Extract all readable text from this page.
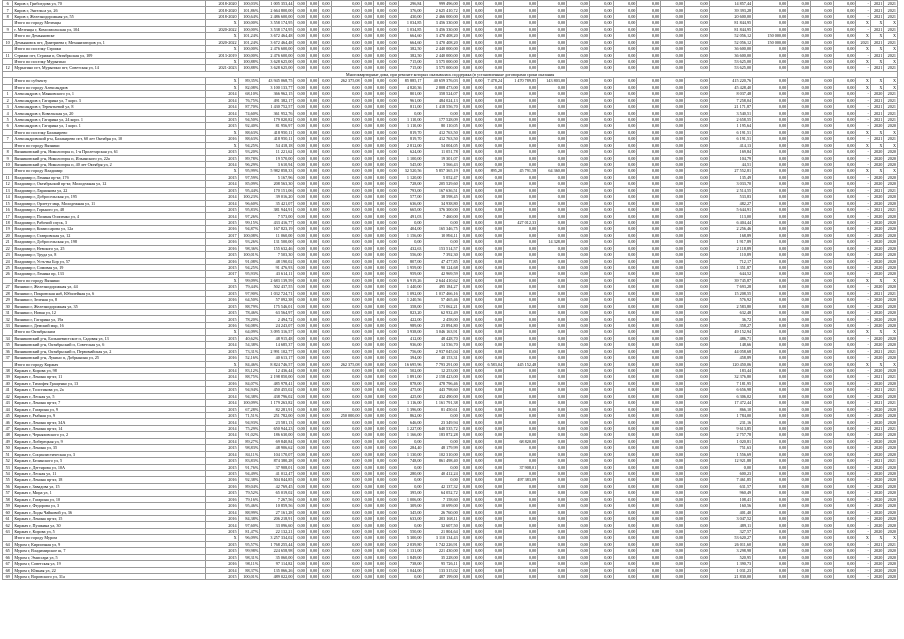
6	Киров г, Грибоедова ул, 70	2018-2020	100,03%	1 005 353,44	0,00	0,00	0,00	0,00	0,00	0,00	0,00	296,84	999 496,00	0,00	0,00	0,00	0,00	0,00	0,00	0,00	0,00	0,00	0,00	0,00	14 857,44	0,00	0,00	0,00	0,00	-	2021	2021
7	Киров г, Энгельса ул, 26	2018-2020	101,86%	2 664 800,00	0,00	0,00	0,00	0,00	0,00	0,00	0,00	376,00	2 625 410,72	0,00	0,00	0,00	0,00	0,00	0,00	0,00	0,00	0,00	0,00	0,00	39 393,28	0,00	0,00	0,00	0,00	-	2021	2021
8	Киров г, Железнодорожная ул, 55	2018-2020	100,64%	2 486 600,00	0,00	0,00	0,00	0,00	0,00	0,00	0,00	430,00	2 466 000,00	0,00	0,00	0,00	0,00	0,00	0,00	0,00	0,00	0,00	0,00	0,00	20 600,00	0,00	0,00	0,00	0,00	-	2021	2021
	Итого по городу Мезенцы	X	100,00%	3 558 174,95	0,00	0,00	0,00	0,00	0,00	0,00	0,00	1 034,85	3 456 330,00	0,00	0,00	0,00	0,00	0,00	0,00	0,00	0,00	0,00	0,00	0,00	81 844,95	0,00	0,00	0,00	0,00	X	X	X
9	г. Мезенцы г, Комсомольская ул, 104	2020-2022	100,00%	3 538 174,95	0,00	0,00	0,00	0,00	0,00	0,00	0,00	1 034,85	3 456 330,00	0,00	0,00	0,00	0,00	0,00	0,00	0,00	0,00	0,00	0,00	0,00	81 844,95	0,00	0,00	0,00	0,00	-	2021	2021
	Итого по Демьяновске	X	101,24%	3 672 464,48	0,00	0,00	0,00	0,00	0,00	0,00	0,00	664,60	3 470 408,20	0,00	0,00	0,00	0,00	0,00	0,00	0,00	0,00	0,00	0,00	0,00	52 056,12	150 000,00	0,00	0,00	0,00	X	X	X
10	Демьяновск пгт, Дмитриева г, Механизаторов ул, 1	2020-2022	101,24%	3 672 464,48	0,00	0,00	0,00	0,00	0,00	0,00	0,00	664,60	3 470 408,20	0,00	0,00	0,00	0,00	0,00	0,00	0,00	0,00	0,00	0,00	0,00	52 056,12	150 000,00	0,00	0,00	0,00	2021	2021	2021
	Итого по поселку Стрижи	X	100,00%	2 476 600,00	0,00	0,00	0,00	0,00	0,00	0,00	0,00	382,50	2 440 000,00	0,00	0,00	0,00	0,00	0,00	0,00	0,00	0,00	0,00	0,00	0,00	36 600,00	0,00	0,00	0,00	0,00	X	X	X
11	Стрижи пгт, Стрижи п, Октябрьская ул, 109	2013-2019	100,00%	2 476 600,00	0,00	0,00	0,00	0,00	0,00	0,00	0,00	382,50	2 440 000,00	0,00	0,00	0,00	0,00	0,00	0,00	0,00	0,00	0,00	0,00	0,00	36 600,00	0,00	0,00	0,00	0,00	-	2021	2021
	Итого по поселку Мурыгино	X	100,88%	3 628 625,00	0,00	0,00	0,00	0,00	0,00	0,00	0,00	715,00	3 575 000,00	0,00	0,00	0,00	0,00	0,00	0,00	0,00	0,00	0,00	0,00	0,00	53 625,00	0,00	0,00	0,00	0,00	X	X	X
12	Мурыгино пгт, Мурыгино пгт, Советская ул, 14	2021-2023	100,88%	3 628 625,00	0,00	0,00	0,00	0,00	0,00	0,00	0,00	715,00	3 575 000,00	0,00	0,00	0,00	0,00	0,00	0,00	0,00	0,00	0,00	0,00	0,00	53 625,00	0,00	0,00	0,00	0,00	-	2021	2021
Многоквартирные дома, при ремонте которых оказывалась поддержка (в установленные договорами сроки оказания																																
	Итого по субъекту	X	89,35%	43 945 068,75	0,00	0,00	0,00	262 375,08	0,00	0,00	0,00	85 885,17	40 659 376,03	0,00	0,00	7 478,24	1 470 789,85	143 803,00	0,00	0,00	0,00	0,00	0,00	0,00	415 220,76	0,00	0,00	0,00	0,00	X	X	X
	Итого по городу Александров	X	82,08%	3 100 133,77	0,00	0,00	0,00	0,00	0,00	0,00	0,00	4 820,36	2 808 473,00	0,00	0,00	0,00	0,00	0,00	0,00	0,00	0,00	0,00	0,00	0,00	45 428,40	0,00	0,00	0,00	0,00	X	X	X
1	Александров г, Маяковского ул, 1	2014	68,10%	366 962,15	0,00	0,00	0,00	0,00	0,00	0,00	0,00	801,00	358 524,07	0,00	0,00	0,00	0,00	0,00	0,00	0,00	0,00	0,00	0,00	0,00	8 037,48	0,00	0,00	0,00	0,00	-	2020	2021
2	Александров г, Гагарина ул, 7 корп. 3	2014	76,75%	491 382,17	0,00	0,00	0,00	0,00	0,00	0,00	0,00	961,00	484 024,13	0,00	0,00	0,00	0,00	0,00	0,00	0,00	0,00	0,00	0,00	0,00	7 258,04	0,00	0,00	0,00	0,00	-	2021	2021
3	Александров г, Терентьевой ул, 8	2014	87,70%	1 430 752,57	0,00	0,00	0,00	0,00	0,00	0,00	0,00	811,00	1 418 556,70	0,00	0,00	0,00	0,00	0,00	0,00	0,00	0,00	0,00	0,00	0,00	21 171,87	0,00	0,00	0,00	0,00	-	2021	2021
4	Александров г, Ковельская ул, 20	2014	74,60%	361 952,76	0,00	0,00	0,00	0,00	0,00	0,00	0,00	0,00	0,00	0,00	0,00	0,00	0,00	0,00	0,00	0,00	0,00	0,00	0,00	0,00	3 540,51	0,00	0,00	0,00	0,00	-	2021	2021
5	Александров г, Гагарина ул, 24 корп. 1	2015	94,50%	179 020,82	0,00	0,00	0,00	0,00	0,00	0,00	0,00	1 110,00	177 528,09	0,00	0,00	0,00	0,00	0,00	0,00	0,00	0,00	0,00	0,00	0,00	2 658,55	0,00	0,00	0,00	0,00	-	2021	2021
6	Александров г, Гагарина ул, 1 корп. 1	2015	92,40%	81 956,97	0,00	0,00	0,00	0,00	0,00	0,00	0,00	1 110,00	80 110,05	0,00	0,00	0,00	0,00	0,00	0,00	0,00	0,00	0,00	0,00	0,00	1 195,64	0,00	0,00	0,00	0,00	-	2020	2020
	Итого по поселку Балакирево	X	88,63%	418 950,11	0,00	0,00	0,00	0,00	0,00	0,00	0,00	819,70	412 763,50	0,00	0,00	0,00	0,00	0,00	0,00	0,00	0,00	0,00	0,00	0,00	6 191,51	0,00	0,00	0,00	0,00	X	X	X
7	Александровский р-н, Балакирево пгт, 60 лет Октября ул, 10	2016	88,63%	418 950,11	0,00	0,00	0,00	0,00	0,00	0,00	0,00	819,70	412 763,50	0,00	0,00	0,00	0,00	0,00	0,00	0,00	0,00	0,00	0,00	0,00	6 191,51	0,00	0,00	0,00	0,00	-	2021	2021
	Итого по городу Вязники	X	94,25%	54 418,18	0,00	0,00	0,00	0,00	0,00	0,00	0,00	2 812,00	54 004,05	0,00	0,00	0,00	0,00	0,00	0,00	0,00	0,00	0,00	0,00	0,00	414,13	0,00	0,00	0,00	0,00	X	X	X
8	Вязниковский р-н, Никологоры п, 1-я Пролетарская ул, 61	2015	93,20%	11 221,62	0,00	0,00	0,00	0,00	0,00	0,00	0,00	624,00	11 051,78	0,00	0,00	0,00	0,00	0,00	0,00	0,00	0,00	0,00	0,00	0,00	169,84	0,00	0,00	0,00	0,00	-	2020	2020
9	Вязниковский р-н, Никологоры п, Ильинского ул, 22а	2015	89,78%	19 570,00	0,00	0,00	0,00	0,00	0,00	0,00	0,00	1 100,00	19 301,07	0,00	0,00	0,00	0,00	0,00	0,00	0,00	0,00	0,00	0,00	0,00	104,79	0,00	0,00	0,00	0,00	-	2020	2020
10	Вязниковский р-н, Никологоры п, 40 лет Октября ул, 2	2014	96,29%	3 610,94	0,00	0,00	0,00	0,00	0,00	0,00	0,00	545,00	3 566,43	0,00	0,00	0,00	0,00	0,00	0,00	0,00	0,00	0,00	0,00	0,00	44,51	0,00	0,00	0,00	0,00	-	2020	2020
	Итого по городу Владимир	X	95,99%	5 982 858,33	0,00	0,00	0,00	0,00	0,00	0,00	0,00	32 520,56	5 857 365,19	0,00	0,00	895,20	45 791,58	64 360,00	0,00	0,00	0,00	0,00	0,00	0,00	27 552,81	0,00	0,00	0,00	0,00	X	X	X
11	Владимир г, Ленина пр-кт, 17б	2015	97,59%	5 167,96	0,00	0,00	0,00	0,00	0,00	0,00	0,00	1 120,00	5 052,47	0,00	0,00	0,00	0,00	0,00	0,00	0,00	0,00	0,00	0,00	0,00	135,49	0,00	0,00	0,00	0,00	-	2020	2020
12	Владимир г, Октябрьский пр-кт, Молодежная ул, 12	2014	85,09%	208 563,30	0,00	0,00	0,00	0,00	0,00	0,00	0,00	728,00	205 529,60	0,00	0,00	0,00	0,00	0,00	0,00	0,00	0,00	0,00	0,00	0,00	3 033,70	0,00	0,00	0,00	0,00	-	2020	2020
13	Владимир г, Ларионова ул, 22	2015	95,44%	170 151,06	0,00	0,00	0,00	0,00	0,00	0,00	0,00	793,00	167 636,51	0,00	0,00	0,00	0,00	0,00	0,00	0,00	0,00	0,00	0,00	0,00	2 514,55	0,00	0,00	0,00	0,00	-	2021	2021
14	Владимир г, Добросельская ул, 195	2014	100,23%	39 016,20	0,00	0,00	0,00	0,00	0,00	0,00	0,00	577,00	38 598,45	0,00	0,00	0,00	0,00	0,00	0,00	0,00	0,00	0,00	0,00	0,00	533,83	0,00	0,00	0,00	0,00	-	2020	2020
15	Владимир г, Орлетуг мкр, Молодежная ул, 11	2014	96,60%	35 421,07	0,00	0,00	0,00	0,00	0,00	0,00	0,00	636,00	34 938,80	0,00	0,00	0,00	0,00	0,00	0,00	0,00	0,00	0,00	0,00	0,00	482,27	0,00	0,00	0,00	0,00	-	2020	2020
16	Владимир г, Горького ул, 48	2015	95,83%	381 944,91	0,00	0,00	0,00	0,00	0,00	0,00	0,00	665,00	376 300,00	0,00	0,00	0,00	0,00	0,00	0,00	0,00	0,00	0,00	0,00	0,00	5 644,91	0,00	0,00	0,00	0,00	-	2021	2021
17	Владимир г, Полины Осипенко ул, 4	2014	97,26%	7 573,00	0,00	0,00	0,00	0,00	0,00	0,00	0,00	491,03	7 460,00	0,00	0,00	0,00	0,00	0,00	0,00	0,00	0,00	0,00	0,00	0,00	113,00	0,00	0,00	0,00	0,00	-	2020	2020
18	Владимир г, Рабочий спуск, 3	2015	99,15%	433 416,77	0,00	0,00	0,00	0,00	0,00	0,00	0,00	0,00	0,00	0,00	0,00	0,00	427 012,33	0,00	0,00	0,00	0,00	0,00	0,00	0,00	6 404,44	0,00	0,00	0,00	0,00	-	2020	2020
19	Владимир г, Комиссарова ул, 12а	2016	94,87%	167 823,19	0,00	0,00	0,00	0,00	0,00	0,00	0,00	404,00	165 346,75	0,00	0,00	0,00	0,00	0,00	0,00	0,00	0,00	0,00	0,00	0,00	2 256,46	0,00	0,00	0,00	0,00	-	2020	2020
20	Владимир г, Ставровская ул, 12	2017	100,08%	11 060,00	0,00	0,00	0,00	0,00	0,00	0,00	0,00	1 156,00	10 894,11	0,00	0,00	0,00	0,00	0,00	0,00	0,00	0,00	0,00	0,00	0,00	168,89	0,00	0,00	0,00	0,00	-	2020	2020
21	Владимир г, Добросельская ул, 198	2016	93,26%	131 500,00	0,00	0,00	0,00	0,00	0,00	0,00	0,00	0,00	0,00	0,00	0,00	0,00	0,00	14 328,00	0,00	0,00	0,00	0,00	0,00	0,00	1 917,89	0,00	0,00	0,00	0,00	-	2020	2020
22	Владимир г, Невского ул, 25	2016	98,36%	155 632,46	0,00	0,00	0,00	0,00	0,00	0,00	0,00	432,63	153 514,57	0,00	0,00	0,00	0,00	0,00	0,00	0,00	0,00	0,00	0,00	0,00	2 118,89	0,00	0,00	0,00	0,00	-	2020	2020
23	Владимир г, Труда ул, 8	2015	100,01%	7 503,30	0,00	0,00	0,00	0,00	0,00	0,00	0,00	556,00	7 392,30	0,00	0,00	0,00	0,00	0,00	0,00	0,00	0,00	0,00	0,00	0,00	110,89	0,00	0,00	0,00	0,00	-	2020	2020
24	Владимир г, Усть-вы Бор ул, 57	2016	91,08%	48 190,02	0,00	0,00	0,00	0,00	0,00	0,00	0,00	807,00	47 477,85	0,00	0,00	0,00	0,00	0,00	0,00	0,00	0,00	0,00	0,00	0,00	712,17	0,00	0,00	0,00	0,00	-	2020	2020
25	Владимир г, Сомовая ул, 19	2015	94,25%	91 476,93	0,00	0,00	0,00	0,00	0,00	0,00	0,00	1 959,00	90 124,68	0,00	0,00	0,00	0,00	0,00	0,00	0,00	0,00	0,00	0,00	0,00	1 351,87	0,00	0,00	0,00	0,00	-	2020	2020
26	Владимир г, Ленина пр, 133	2017	95,93%	43 614,11	0,00	0,00	0,00	0,00	0,00	0,00	0,00	959,00	42 969,59	0,00	0,00	0,00	0,00	0,00	0,00	0,00	0,00	0,00	0,00	0,00	644,52	0,00	0,00	0,00	0,00	-	2020	2020
	Итого по городу Вязники	X	99,09%	2 683 139,59	0,00	0,00	0,00	0,00	0,00	0,00	0,00	6 919,26	2 644 410,62	0,00	0,00	0,00	0,00	0,00	0,00	0,00	0,00	0,00	0,00	0,00	39 745,87	0,00	0,00	0,00	0,00	X	X	X
27	Вязники г, Железнодорожная ул, 44	2015	79,44%	502 437,55	0,00	0,00	0,00	0,00	0,00	0,00	0,00	1 440,00	495 184,27	0,00	0,00	0,00	0,00	0,00	0,00	0,00	0,00	0,00	0,00	0,00	7 693,28	0,00	0,00	0,00	0,00	-	2020	2020
28	Вязники г, Покровская наб, Юбилейная ул, 6	2015	97,90%	1 032 724,71	0,00	0,00	0,00	0,00	0,00	0,00	0,00	1 092,00	1 017 466,16	0,00	0,00	0,00	0,00	0,00	0,00	0,00	0,00	0,00	0,00	0,00	15 208,55	0,00	0,00	0,00	0,00	-	2021	2021
29	Вязники г, Зеленая ул, 8	2016	64,50%	57 092,38	0,00	0,00	0,00	0,00	0,00	0,00	0,00	1 240,56	57 465,46	0,00	0,00	0,00	0,00	0,00	0,00	0,00	0,00	0,00	0,00	0,00	576,92	0,00	0,00	0,00	0,00	-	2020	2020
30	Вязники г, Железнодорожная ул, 35	2015	88,79%	175 546,01	0,00	0,00	0,00	0,00	0,00	0,00	0,00	358,00	173 062,21	0,00	0,00	0,00	0,00	0,00	0,00	0,00	0,00	0,00	0,00	0,00	2 583,80	0,00	0,00	0,00	0,00	-	2020	2020
31	Вязники г, Новая ул, 12	2015	78,46%	63 564,97	0,00	0,00	0,00	0,00	0,00	0,00	0,00	823,20	62 932,49	0,00	0,00	0,00	0,00	0,00	0,00	0,00	0,00	0,00	0,00	0,00	632,48	0,00	0,00	0,00	0,00	-	2020	2020
32	Вязники г, Гагарина ул, 19а	2015	78,20%	2 494,72	0,00	0,00	0,00	0,00	0,00	0,00	0,00	422,00	2 458,00	0,00	0,00	0,00	0,00	0,00	0,00	0,00	0,00	0,00	0,00	0,00	36,72	0,00	0,00	0,00	0,00	-	2020	2020
33	Вязники г, Демский мкр, 16	2016	94,08%	24 243,07	0,00	0,00	0,00	0,00	0,00	0,00	0,00	989,00	23 894,80	0,00	0,00	0,00	0,00	0,00	0,00	0,00	0,00	0,00	0,00	0,00	358,27	0,00	0,00	0,00	0,00	-	2020	2020
	Итого по Октябрьским	X	64,09%	3 095 316,57	0,00	0,00	0,00	0,00	0,00	0,00	0,00	3 938,00	3 046 163,91	0,00	0,00	0,00	0,00	0,00	0,00	0,00	0,00	0,00	0,00	0,00	49 152,94	0,00	0,00	0,00	0,00	X	X	X
34	Вязниковский р-н, Большевистское п, Садовая ул, 13	2015	40,62%	48 915,48	0,00	0,00	0,00	0,00	0,00	0,00	0,00	412,00	48 428,70	0,00	0,00	0,00	0,00	0,00	0,00	0,00	0,00	0,00	0,00	0,00	486,71	0,00	0,00	0,00	0,00	-	2020	2020
35	Вязниковский р-н, Октябрьский п, Советская ул, 6	2014	54,38%	14 685,37	0,00	0,00	0,00	0,00	0,00	0,00	0,00	936,00	14 536,70	0,00	0,00	0,00	0,00	0,00	0,00	0,00	0,00	0,00	0,00	0,00	148,66	0,00	0,00	0,00	0,00	-	2020	2020
36	Вязниковский р-н, Октябрьский п, Первомайская ул, 2	2015	73,31%	2 991 102,77	0,00	0,00	0,00	0,00	0,00	0,00	0,00	756,00	2 937 045,04	0,00	0,00	0,00	0,00	0,00	0,00	0,00	0,00	0,00	0,00	0,00	44 058,68	0,00	0,00	0,00	0,00	-	2021	2021
37	Вязниковский р-н, Лукино п, Добрынина ул, 25	2016	52,16%	40 613,17	0,00	0,00	0,00	0,00	0,00	0,00	0,00	394,00	40 153,31	0,00	0,00	0,00	0,00	0,00	0,00	0,00	0,00	0,00	0,00	0,00	458,89	0,00	0,00	0,00	0,00	-	2020	2020
	Итого по городу Киржач	X	84,46%	8 824 746,57	0,00	0,00	0,00	262 375,08	0,00	0,00	0,00	16 695,96	7 793 291,00	0,00	0,00	6 583,04	445 152,48	0,00	0,00	0,00	0,00	0,00	0,00	0,00	120 450,06	0,00	0,00	0,00	0,00	X	X	X
38	Киржач г, Кирова ул, 98	2014	83,12%	12 436,44	0,00	0,00	0,00	0,00	0,00	0,00	0,00	502,00	12 253,00	0,00	0,00	0,00	0,00	0,00	0,00	0,00	0,00	0,00	0,00	0,00	183,44	0,00	0,00	0,00	0,00	-	2020	2020
39	Киржач г, Ленина пр-кт, 11	2014	88,75%	2 198 850,00	0,00	0,00	0,00	0,00	0,00	0,00	0,00	1 891,00	2 158 423,00	0,00	0,00	0,00	0,00	0,00	0,00	0,00	0,00	0,00	0,00	0,00	32 376,80	0,00	0,00	0,00	0,00	-	2021	2021
40	Киржач г, Тимофея Гращенко ул, 13	2016	84,07%	485 978,41	0,00	0,00	0,00	0,00	0,00	0,00	0,00	878,00	478 796,46	0,00	0,00	0,00	0,00	0,00	0,00	0,00	0,00	0,00	0,00	0,00	7 181,95	0,00	0,00	0,00	0,00	-	2020	2020
41	Киржач г, Толстикова ул, 2а	2015	94,94%	450 455,02	0,00	0,00	0,00	0,00	0,00	0,00	0,00	475,00	443 798,60	0,00	0,00	0,00	0,00	0,00	0,00	0,00	0,00	0,00	0,00	0,00	6 656,98	0,00	0,00	0,00	0,00	-	2021	2021
42	Киржач г, Лесная ул, 5	2014	94,38%	438 796,02	0,00	0,00	0,00	0,00	0,00	0,00	0,00	425,00	432 490,00	0,00	0,00	0,00	0,00	0,00	0,00	0,00	0,00	0,00	0,00	0,00	6 306,02	0,00	0,00	0,00	0,00	-	2020	2020
43	Киржач г, Ленина пр-кт, 7	2014	100,09%	1 179 263,82	0,00	0,00	0,00	0,00	0,00	0,00	0,00	1 116,00	1 161 791,38	0,00	0,00	0,00	0,00	0,00	0,00	0,00	0,00	0,00	0,00	0,00	17 472,44	0,00	0,00	0,00	0,00	-	2021	2021
44	Киржач г, Гагарина ул, 9	2015	67,28%	82 281,91	0,00	0,00	0,00	0,00	0,00	0,00	0,00	1 396,00	81 450,61	0,00	0,00	0,00	0,00	0,00	0,00	0,00	0,00	0,00	0,00	0,00	866,10	0,00	0,00	0,00	0,00	-	2020	2020
45	Киржач г, Рыбная ул, 9	2015	71,51%	251 782,00	0,00	0,00	0,00	250 000,00	0,00	0,00	0,00	862,00	0,00	0,00	0,00	0,00	0,00	0,00	0,00	0,00	0,00	0,00	0,00	0,00	1 784,00	0,00	0,00	0,00	0,00	-	2020	2020
46	Киржач г, Ленина пр-кт, 34А	2014	94,93%	23 581,13	0,00	0,00	0,00	0,00	0,00	0,00	0,00	646,00	23 349,94	0,00	0,00	0,00	0,00	0,00	0,00	0,00	0,00	0,00	0,00	0,00	231,16	0,00	0,00	0,00	0,00	-	2020	2020
47	Киржач г, Ленина пр-кт, 14	2014	75,29%	650 944,23	0,00	0,00	0,00	0,00	0,00	0,00	0,00	1 227,00	640 535,72	0,00	0,00	0,00	0,00	0,00	0,00	0,00	0,00	0,00	0,00	0,00	9 613,85	0,00	0,00	0,00	0,00	-	2021	2021
48	Киржач г, Черняховского ул, 2	2014	91,02%	186 630,00	0,00	0,00	0,00	0,00	0,00	0,00	0,00	1 166,00	183 872,28	0,00	0,00	0,00	0,00	0,00	0,00	0,00	0,00	0,00	0,00	0,00	2 757,78	0,00	0,00	0,00	0,00	-	2020	2020
49	Киржач г, Либерецкая ул, 9	2014	89,27%	69 840,84	0,00	0,00	0,00	0,00	0,00	0,00	0,00	0,00	0,00	0,00	0,00	0,00	68 820,00	0,00	0,00	0,00	0,00	0,00	0,00	0,00	1 020,81	0,00	0,00	0,00	0,00	-	2020	2020
50	Киржач г, Ленина ул, 35	2015	98,83%	48 906,62	0,00	0,00	0,00	0,00	0,00	0,00	0,00	284,40	48 179,99	0,00	0,00	0,00	0,00	0,00	0,00	0,00	0,00	0,00	0,00	0,00	751,63	0,00	0,00	0,00	0,00	-	2020	2020
51	Киржач г, Социалистическая ул, 3	2014	84,11%	104 170,07	0,00	0,00	0,00	0,00	0,00	0,00	0,00	1 130,00	102 310,00	0,00	0,00	0,00	0,00	0,00	0,00	0,00	0,00	0,00	0,00	0,00	1 556,69	0,00	0,00	0,00	0,00	-	2020	2020
52	Киржач г, Белинского ул, 5	2015	83,83%	874 380,28	0,00	0,00	0,00	0,00	0,00	0,00	0,00	748,00	861 498,40	0,00	0,00	0,00	0,00	0,00	0,00	0,00	0,00	0,00	0,00	0,00	12 921,88	0,00	0,00	0,00	0,00	-	2021	2021
53	Киржач г, Дегтярова ул, 10А	2015	91,76%	37 908,01	0,00	0,00	0,00	0,00	0,00	0,00	0,00	0,00	0,00	0,00	0,00	0,00	37 908,01	0,00	0,00	0,00	0,00	0,00	0,00	0,00	0,00	0,00	0,00	0,00	0,00	-	2020	2020
54	Киржач г, Лесная ул, 11	2015	94,49%	41 012,47	0,00	0,00	0,00	0,00	0,00	0,00	0,00	280,00	40 412,24	0,00	0,00	0,00	0,00	0,00	0,00	0,00	0,00	0,00	0,00	0,00	600,23	0,00	0,00	0,00	0,00	-	2020	2020
55	Киржач г, Ленина пр-кт, 18	2016	92,38%	504 844,85	0,00	0,00	0,00	0,00	0,00	0,00	0,00	0,00	0,00	0,00	0,00	0,00	497 383,09	0,00	0,00	0,00	0,00	0,00	0,00	0,00	7 461,85	0,00	0,00	0,00	0,00	-	2020	2020
56	Киржач г, Завадова ул, 15	2016	89,04%	42 769,45	0,00	0,00	0,00	0,00	0,00	0,00	0,00	0,00	42 137,32	0,00	0,00	0,00	0,00	0,00	0,00	0,00	0,00	0,00	0,00	0,00	631,57	0,00	0,00	0,00	0,00	-	2020	2020
57	Киржач г, Мира ул, 1	2015	79,52%	65 019,02	0,00	0,00	0,00	0,00	0,00	0,00	0,00	395,00	64 052,72	0,00	0,00	0,00	0,00	0,00	0,00	0,00	0,00	0,00	0,00	0,00	960,49	0,00	0,00	0,00	0,00	-	2020	2020
58	Киржач г, Гагарина ул, 10	2016	79,16%	7 267,56	0,00	0,00	0,00	0,00	0,00	0,00	0,00	1 006,00	7 158,60	0,00	0,00	0,00	0,00	0,00	0,00	0,00	0,00	0,00	0,00	0,00	108,41	0,00	0,00	0,00	0,00	-	2020	2020
59	Киржач г, Федорова ул, 3	2016	95,46%	10 859,56	0,00	0,00	0,00	0,00	0,00	0,00	0,00	309,00	10 699,00	0,00	0,00	0,00	0,00	0,00	0,00	0,00	0,00	0,00	0,00	0,00	160,56	0,00	0,00	0,00	0,00	-	2020	2020
60	Киржач г, Лиды Чайковой ул, 36	2014	88,99%	27 161,28	0,00	0,00	0,00	0,00	0,00	0,00	0,00	345,00	26 760,00	0,00	0,00	0,00	0,00	0,00	0,00	0,00	0,00	0,00	0,00	0,00	401,40	0,00	0,00	0,00	0,00	-	2020	2020
61	Киржач г, Ленина пр-кт, 15	2016	84,38%	206 218,91	0,00	0,00	0,00	0,00	0,00	0,00	0,00	633,00	203 168,11	0,00	0,00	0,00	0,00	0,00	0,00	0,00	0,00	0,00	0,00	0,00	3 047,52	0,00	0,00	0,00	0,00	-	2020	2020
62	Киржач г, Пушкина ул, 30	2014	97,60%	33 096,60	0,00	0,00	0,00	0,00	0,00	0,00	0,00	0,00	32 607,50	0,00	0,00	0,00	0,00	0,00	0,00	0,00	0,00	0,00	0,00	0,00	489,11	0,00	0,00	0,00	0,00	-	2020	2020
63	Киржач г, Кирова ул, 5	2015	81,47%	22 132,21	0,00	0,00	0,00	0,00	0,00	0,00	0,00	550,00	21 804,64	0,00	0,00	0,00	0,00	0,00	0,00	0,00	0,00	0,00	0,00	0,00	327,57	0,00	0,00	0,00	0,00	-	2020	2020
	Итого по городу Муром	X	96,09%	3 257 334,02	0,00	0,00	0,00	0,00	0,00	0,00	0,00	5 300,00	3 110 134,43	0,00	0,00	0,00	0,00	0,00	0,00	0,00	0,00	0,00	0,00	0,00	53 620,27	0,00	0,00	0,00	0,00	X	X	X
64	Муром г, Кирпичная ул, 9	2015	95,57%	1 768 255,44	0,00	0,00	0,00	0,00	0,00	0,00	0,00	2 039,80	1 742 226,91	0,00	0,00	0,00	0,00	0,00	0,00	0,00	0,00	0,00	0,00	0,00	26 011,60	0,00	0,00	0,00	0,00	-	2021	2021
65	Муром г, Владимирское ш, 7	2015	99,98%	224 658,98	0,00	0,00	0,00	0,00	0,00	0,00	0,00	1 131,00	221 430,00	0,00	0,00	0,00	0,00	0,00	0,00	0,00	0,00	0,00	0,00	0,00	3 298,98	0,00	0,00	0,00	0,00	-	2020	2020
66	Муром г, Эмиссара ул, 5	2015	98,31%	35 060,00	0,00	0,00	0,00	0,00	0,00	0,00	0,00	1 849,00	35 228,00	0,00	0,00	0,00	0,00	0,00	0,00	0,00	0,00	0,00	0,00	0,00	520,95	0,00	0,00	0,00	0,00	-	2020	2020
67	Муром г, Советская ул, 19	2016	98,11%	97 114,82	0,00	0,00	0,00	0,00	0,00	0,00	0,00	738,00	95 726,11	0,00	0,00	0,00	0,00	0,00	0,00	0,00	0,00	0,00	0,00	0,00	1 390,73	0,00	0,00	0,00	0,00	-	2020	2020
68	Муром г, Южная ул, 22	2014	88,37%	135 066,26	0,00	0,00	0,00	0,00	0,00	0,00	0,00	1 044,00	133 315,02	0,00	0,00	0,00	0,00	0,00	0,00	0,00	0,00	0,00	0,00	0,00	1 031,23	0,00	0,00	0,00	0,00	-	2020	2020
69	Муром г, Воровского ул, 31а	2015	100,01%	489 022,00	0,00	0,00	0,00	0,00	0,00	0,00	0,00	0,00	487 199,00	0,00	0,00	0,00	0,00	0,00	0,00	0,00	0,00	0,00	0,00	0,00	21 830,00	0,00	0,00	0,00	0,00	-	2020	2020
